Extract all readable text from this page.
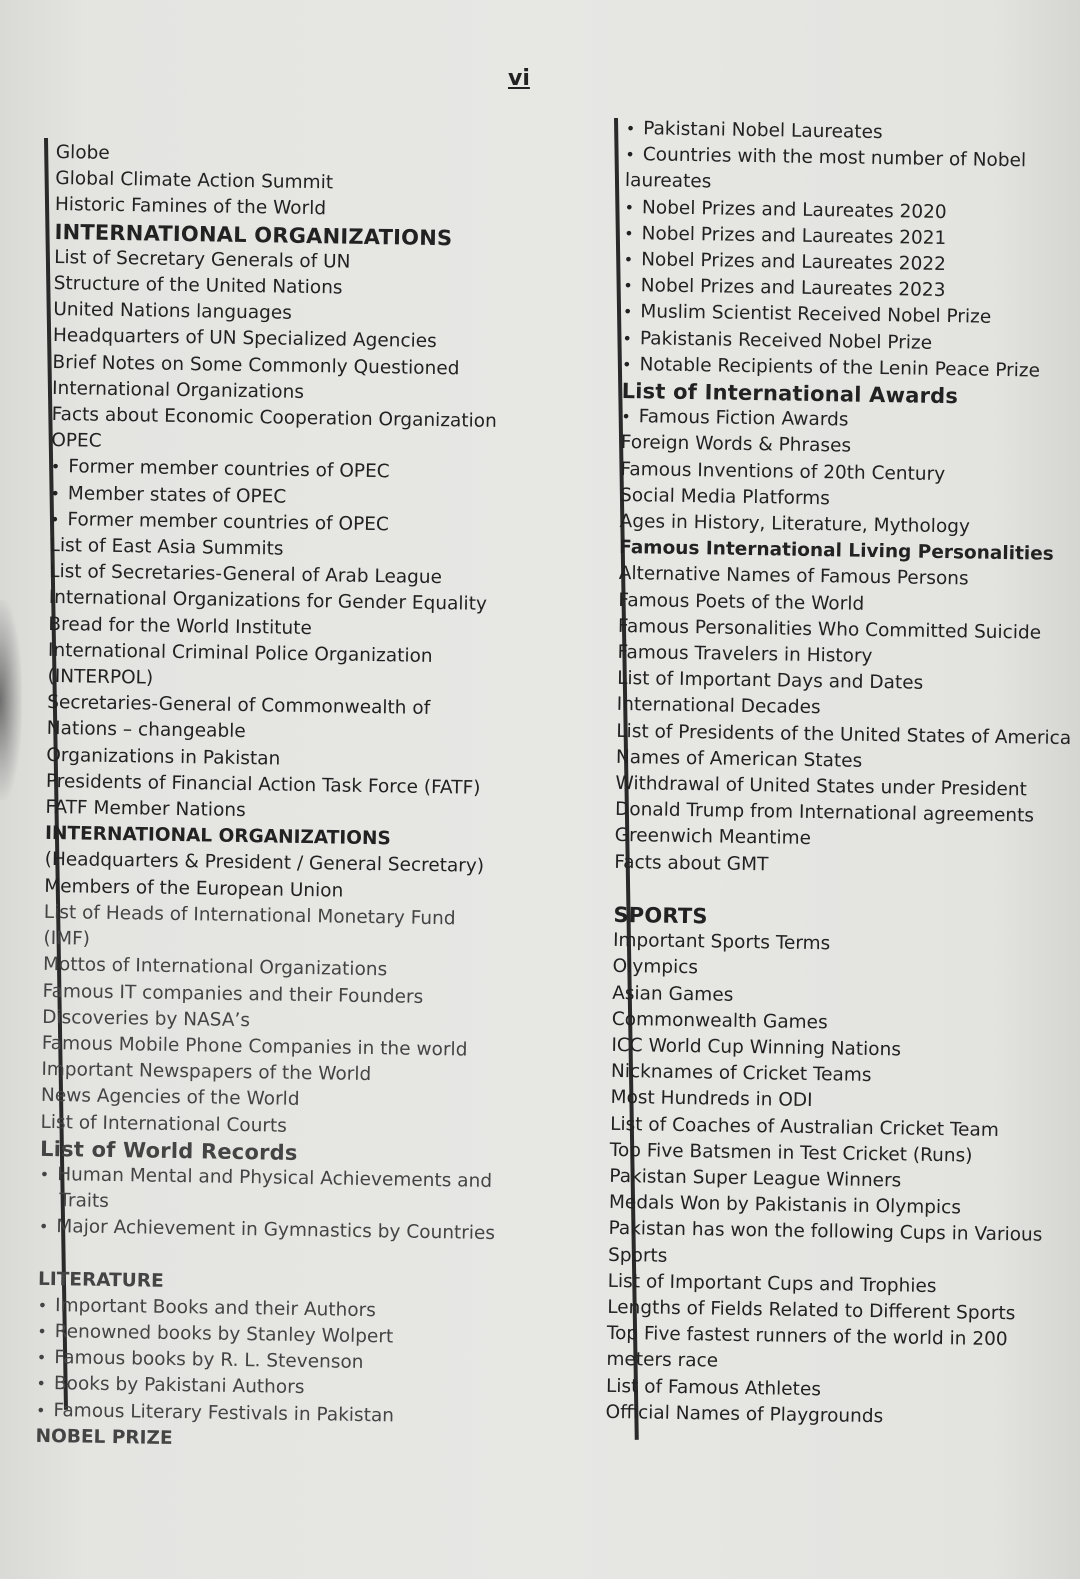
vi
Globe
Global Climate Action Summit
Historic Famines of the World
INTERNATIONAL ORGANIZATIONS
List of Secretary Generals of UN
Structure of the United Nations
United Nations languages
Headquarters of UN Specialized Agencies
Brief Notes on Some Commonly Questioned
International Organizations
Facts about Economic Cooperation Organization
OPEC
• Former member countries of OPEC
• Member states of OPEC
• Former member countries of OPEC
List of East Asia Summits
List of Secretaries-General of Arab League
International Organizations for Gender Equality
Bread for the World Institute
International Criminal Police Organization
(INTERPOL)
Secretaries-General of Commonwealth of
Nations – changeable
Organizations in Pakistan
Presidents of Financial Action Task Force (FATF)
FATF Member Nations
INTERNATIONAL ORGANIZATIONS
(Headquarters & President / General Secretary)
Members of the European Union
List of Heads of International Monetary Fund
(IMF)
Mottos of International Organizations
Famous IT companies and their Founders
Discoveries by NASA’s
Famous Mobile Phone Companies in the world
Important Newspapers of the World
News Agencies of the World
List of International Courts
List of World Records
• Human Mental and Physical Achievements and
Traits
• Major Achievement in Gymnastics by Countries
LITERATURE
• Important Books and their Authors
• Renowned books by Stanley Wolpert
• Famous books by R. L. Stevenson
• Books by Pakistani Authors
• Famous Literary Festivals in Pakistan
NOBEL PRIZE
• Pakistani Nobel Laureates
• Countries with the most number of Nobel
laureates
• Nobel Prizes and Laureates 2020
• Nobel Prizes and Laureates 2021
• Nobel Prizes and Laureates 2022
• Nobel Prizes and Laureates 2023
• Muslim Scientist Received Nobel Prize
• Pakistanis Received Nobel Prize
• Notable Recipients of the Lenin Peace Prize
List of International Awards
• Famous Fiction Awards
Foreign Words & Phrases
Famous Inventions of 20th Century
Social Media Platforms
Ages in History, Literature, Mythology
Famous International Living Personalities
Alternative Names of Famous Persons
Famous Poets of the World
Famous Personalities Who Committed Suicide
Famous Travelers in History
List of Important Days and Dates
International Decades
List of Presidents of the United States of America
Names of American States
Withdrawal of United States under President
Donald Trump from International agreements
Greenwich Meantime
Facts about GMT
SPORTS
Important Sports Terms
Olympics
Asian Games
Commonwealth Games
ICC World Cup Winning Nations
Nicknames of Cricket Teams
Most Hundreds in ODI
List of Coaches of Australian Cricket Team
Top Five Batsmen in Test Cricket (Runs)
Pakistan Super League Winners
Medals Won by Pakistanis in Olympics
Pakistan has won the following Cups in Various
Sports
List of Important Cups and Trophies
Lengths of Fields Related to Different Sports
Top Five fastest runners of the world in 200
meters race
List of Famous Athletes
Official Names of Playgrounds
